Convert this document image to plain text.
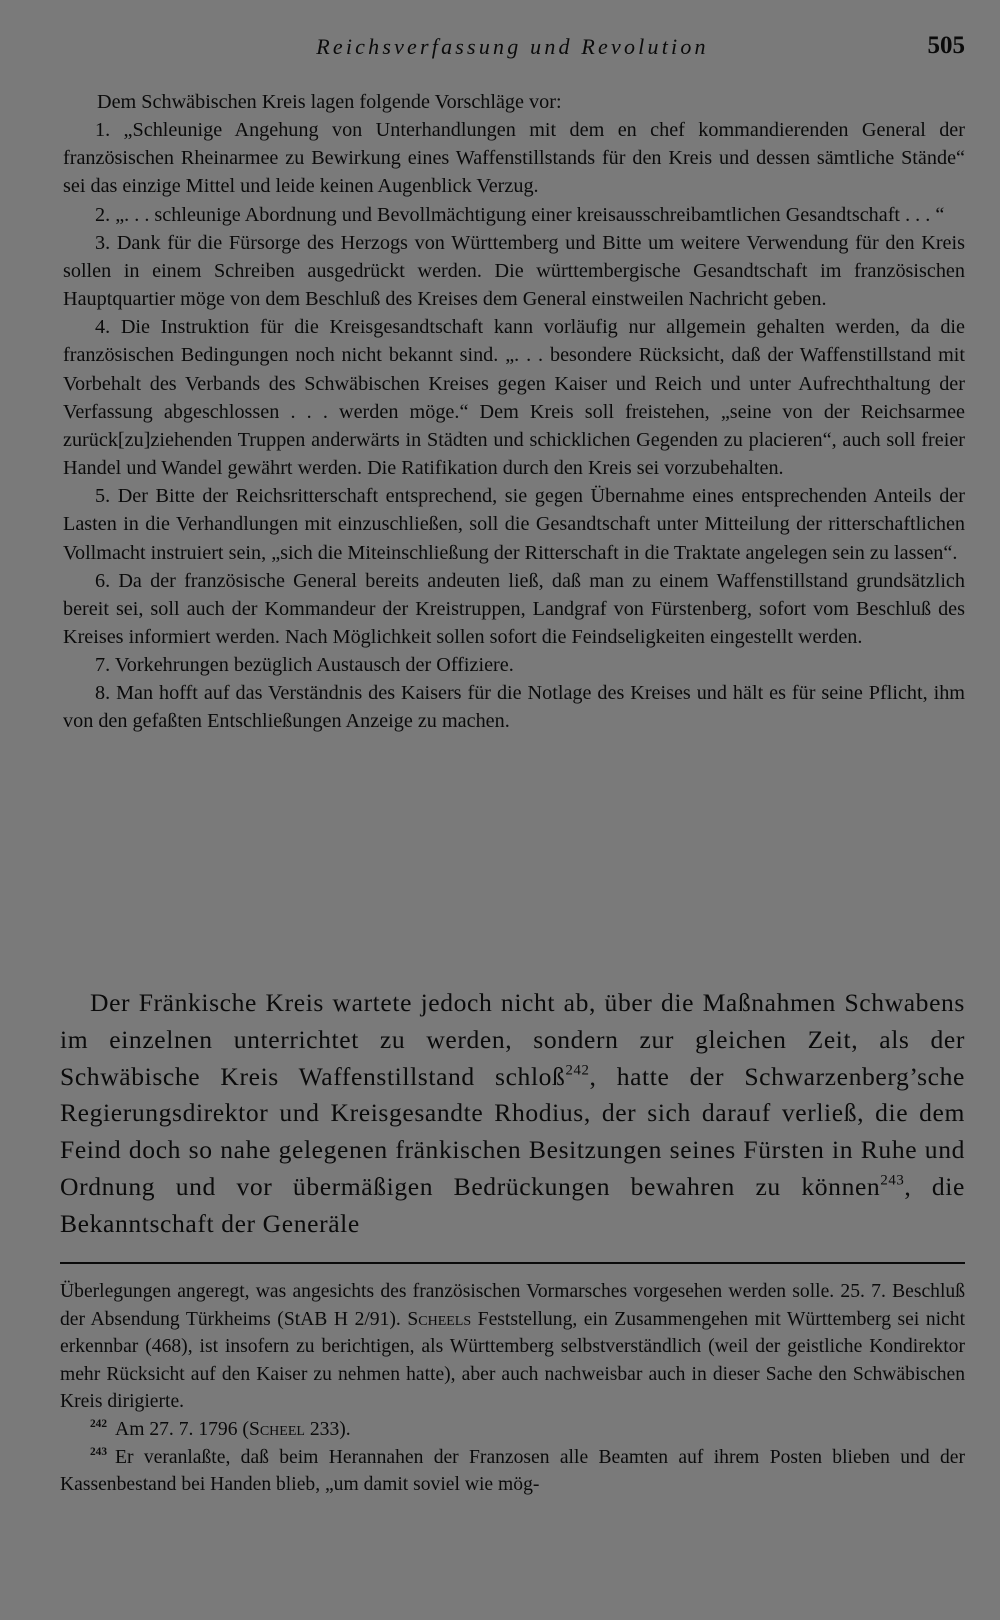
Reichsverfassung und Revolution	505

Dem Schwäbischen Kreis lagen folgende Vorschläge vor:

1. „Schleunige Angehung von Unterhandlungen mit dem en chef kommandierenden General der französischen Rheinarmee zu Bewirkung eines Waffenstillstands für den Kreis und dessen sämtliche Stände“ sei das einzige Mittel und leide keinen Augenblick Verzug.

2. „. . . schleunige Abordnung und Bevollmächtigung einer kreisausschreibamtlichen Gesandtschaft . . . “

3. Dank für die Fürsorge des Herzogs von Württemberg und Bitte um weitere Verwendung für den Kreis sollen in einem Schreiben ausgedrückt werden. Die württembergische Gesandtschaft im französischen Hauptquartier möge von dem Beschluß des Kreises dem General einstweilen Nachricht geben.

4. Die Instruktion für die Kreisgesandtschaft kann vorläufig nur allgemein gehalten werden, da die französischen Bedingungen noch nicht bekannt sind. „. . . besondere Rücksicht, daß der Waffenstillstand mit Vorbehalt des Verbands des Schwäbischen Kreises gegen Kaiser und Reich und unter Aufrechthaltung der Verfassung abgeschlossen . . . werden möge.“ Dem Kreis soll freistehen, „seine von der Reichsarmee zurück[zu]ziehenden Truppen anderwärts in Städten und schicklichen Gegenden zu placieren“, auch soll freier Handel und Wandel gewährt werden. Die Ratifikation durch den Kreis sei vorzubehalten.

5. Der Bitte der Reichsritterschaft entsprechend, sie gegen Übernahme eines entsprechenden Anteils der Lasten in die Verhandlungen mit einzuschließen, soll die Gesandtschaft unter Mitteilung der ritterschaftlichen Vollmacht instruiert sein, „sich die Miteinschließung der Ritterschaft in die Traktate angelegen sein zu lassen“.

6. Da der französische General bereits andeuten ließ, daß man zu einem Waffenstillstand grundsätzlich bereit sei, soll auch der Kommandeur der Kreistruppen, Landgraf von Fürstenberg, sofort vom Beschluß des Kreises informiert werden. Nach Möglichkeit sollen sofort die Feindseligkeiten eingestellt werden.

7. Vorkehrungen bezüglich Austausch der Offiziere.

8. Man hofft auf das Verständnis des Kaisers für die Notlage des Kreises und hält es für seine Pflicht, ihm von den gefaßten Entschließungen Anzeige zu machen.

Der Fränkische Kreis wartete jedoch nicht ab, über die Maßnahmen Schwabens im einzelnen unterrichtet zu werden, sondern zur gleichen Zeit, als der Schwäbische Kreis Waffenstillstand schloß$^{242}$, hatte der Schwarzenberg’sche Regierungsdirektor und Kreisgesandte Rhodius, der sich darauf verließ, die dem Feind doch so nahe gelegenen fränkischen Besitzungen seines Fürsten in Ruhe und Ordnung und vor übermäßigen Bedrückungen bewahren zu können$^{243}$, die Bekanntschaft der Generäle

Überlegungen angeregt, was angesichts des französischen Vormarsches vorgesehen werden solle. 25. 7. Beschluß der Absendung Türkheims (StAB H 2/91). Scheels Feststellung, ein Zusammengehen mit Württemberg sei nicht erkennbar (468), ist insofern zu berichtigen, als Württemberg selbstverständlich (weil der geistliche Kondirektor mehr Rücksicht auf den Kaiser zu nehmen hatte), aber auch nachweisbar auch in dieser Sache den Schwäbischen Kreis dirigierte.

$^{242}$ Am 27. 7. 1796 (Scheel 233).

$^{243}$ Er veranlaßte, daß beim Herannahen der Franzosen alle Beamten auf ihrem Posten blieben und der Kassenbestand bei Handen blieb, „um damit soviel wie mög-
